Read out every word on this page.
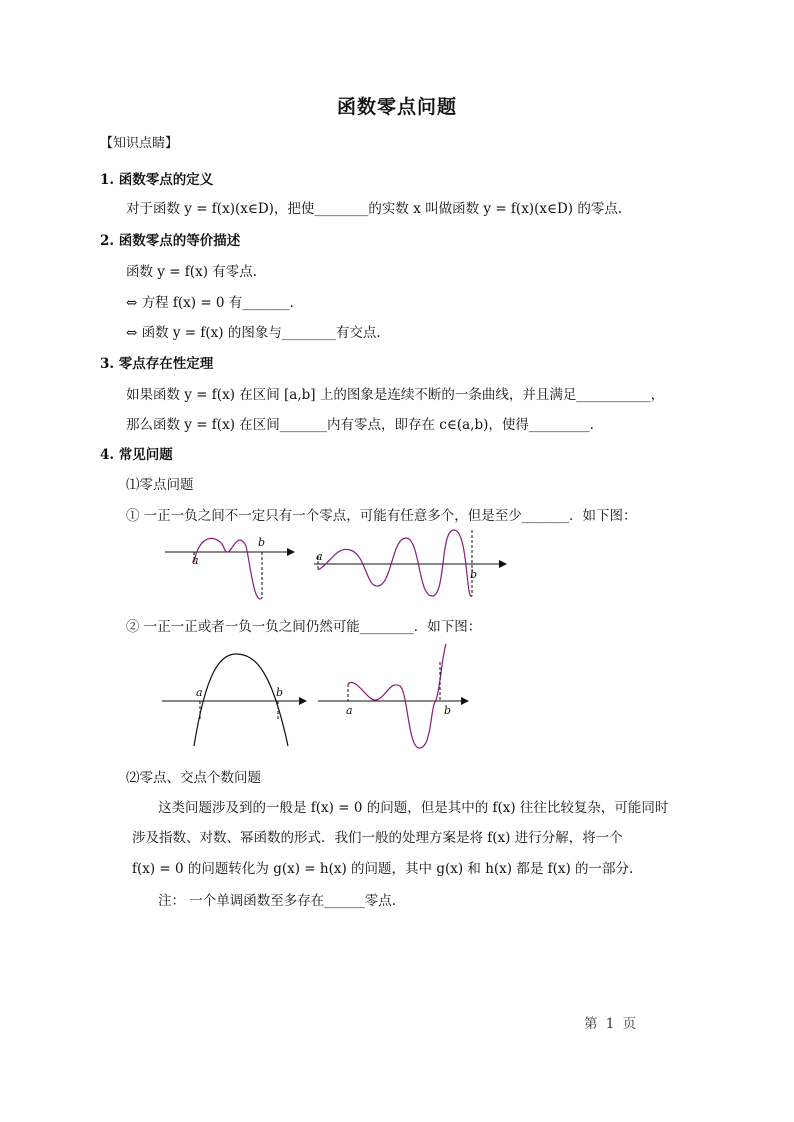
函数零点问题
【知识点睛】
1. 函数零点的定义
对于函数 y = f(x)(x∈D)，把使________的实数 x 叫做函数 y = f(x)(x∈D) 的零点.
2. 函数零点的等价描述
函数 y = f(x) 有零点.
⇔ 方程 f(x) = 0 有_______.
⇔ 函数 y = f(x) 的图象与________有交点.
3. 零点存在性定理
如果函数 y = f(x) 在区间 [a,b] 上的图象是连续不断的一条曲线，并且满足___________，
那么函数 y = f(x) 在区间_______内有零点，即存在 c∈(a,b)，使得_________.
4. 常见问题
⑴零点问题
① 一正一负之间不一定只有一个零点，可能有任意多个，但是至少_______．如下图：
a
b
a
b
② 一正一正或者一负一负之间仍然可能________．如下图：
a	b
a	b
⑵零点、交点个数问题
这类问题涉及到的一般是 f(x) = 0 的问题，但是其中的 f(x) 往往比较复杂，可能同时
涉及指数、对数、幂函数的形式．我们一般的处理方案是将 f(x) 进行分解，将一个
f(x) = 0 的问题转化为 g(x) = h(x) 的问题，其中 g(x) 和 h(x) 都是 f(x) 的一部分.
注： 一个单调函数至多存在______零点.
第 1 页
